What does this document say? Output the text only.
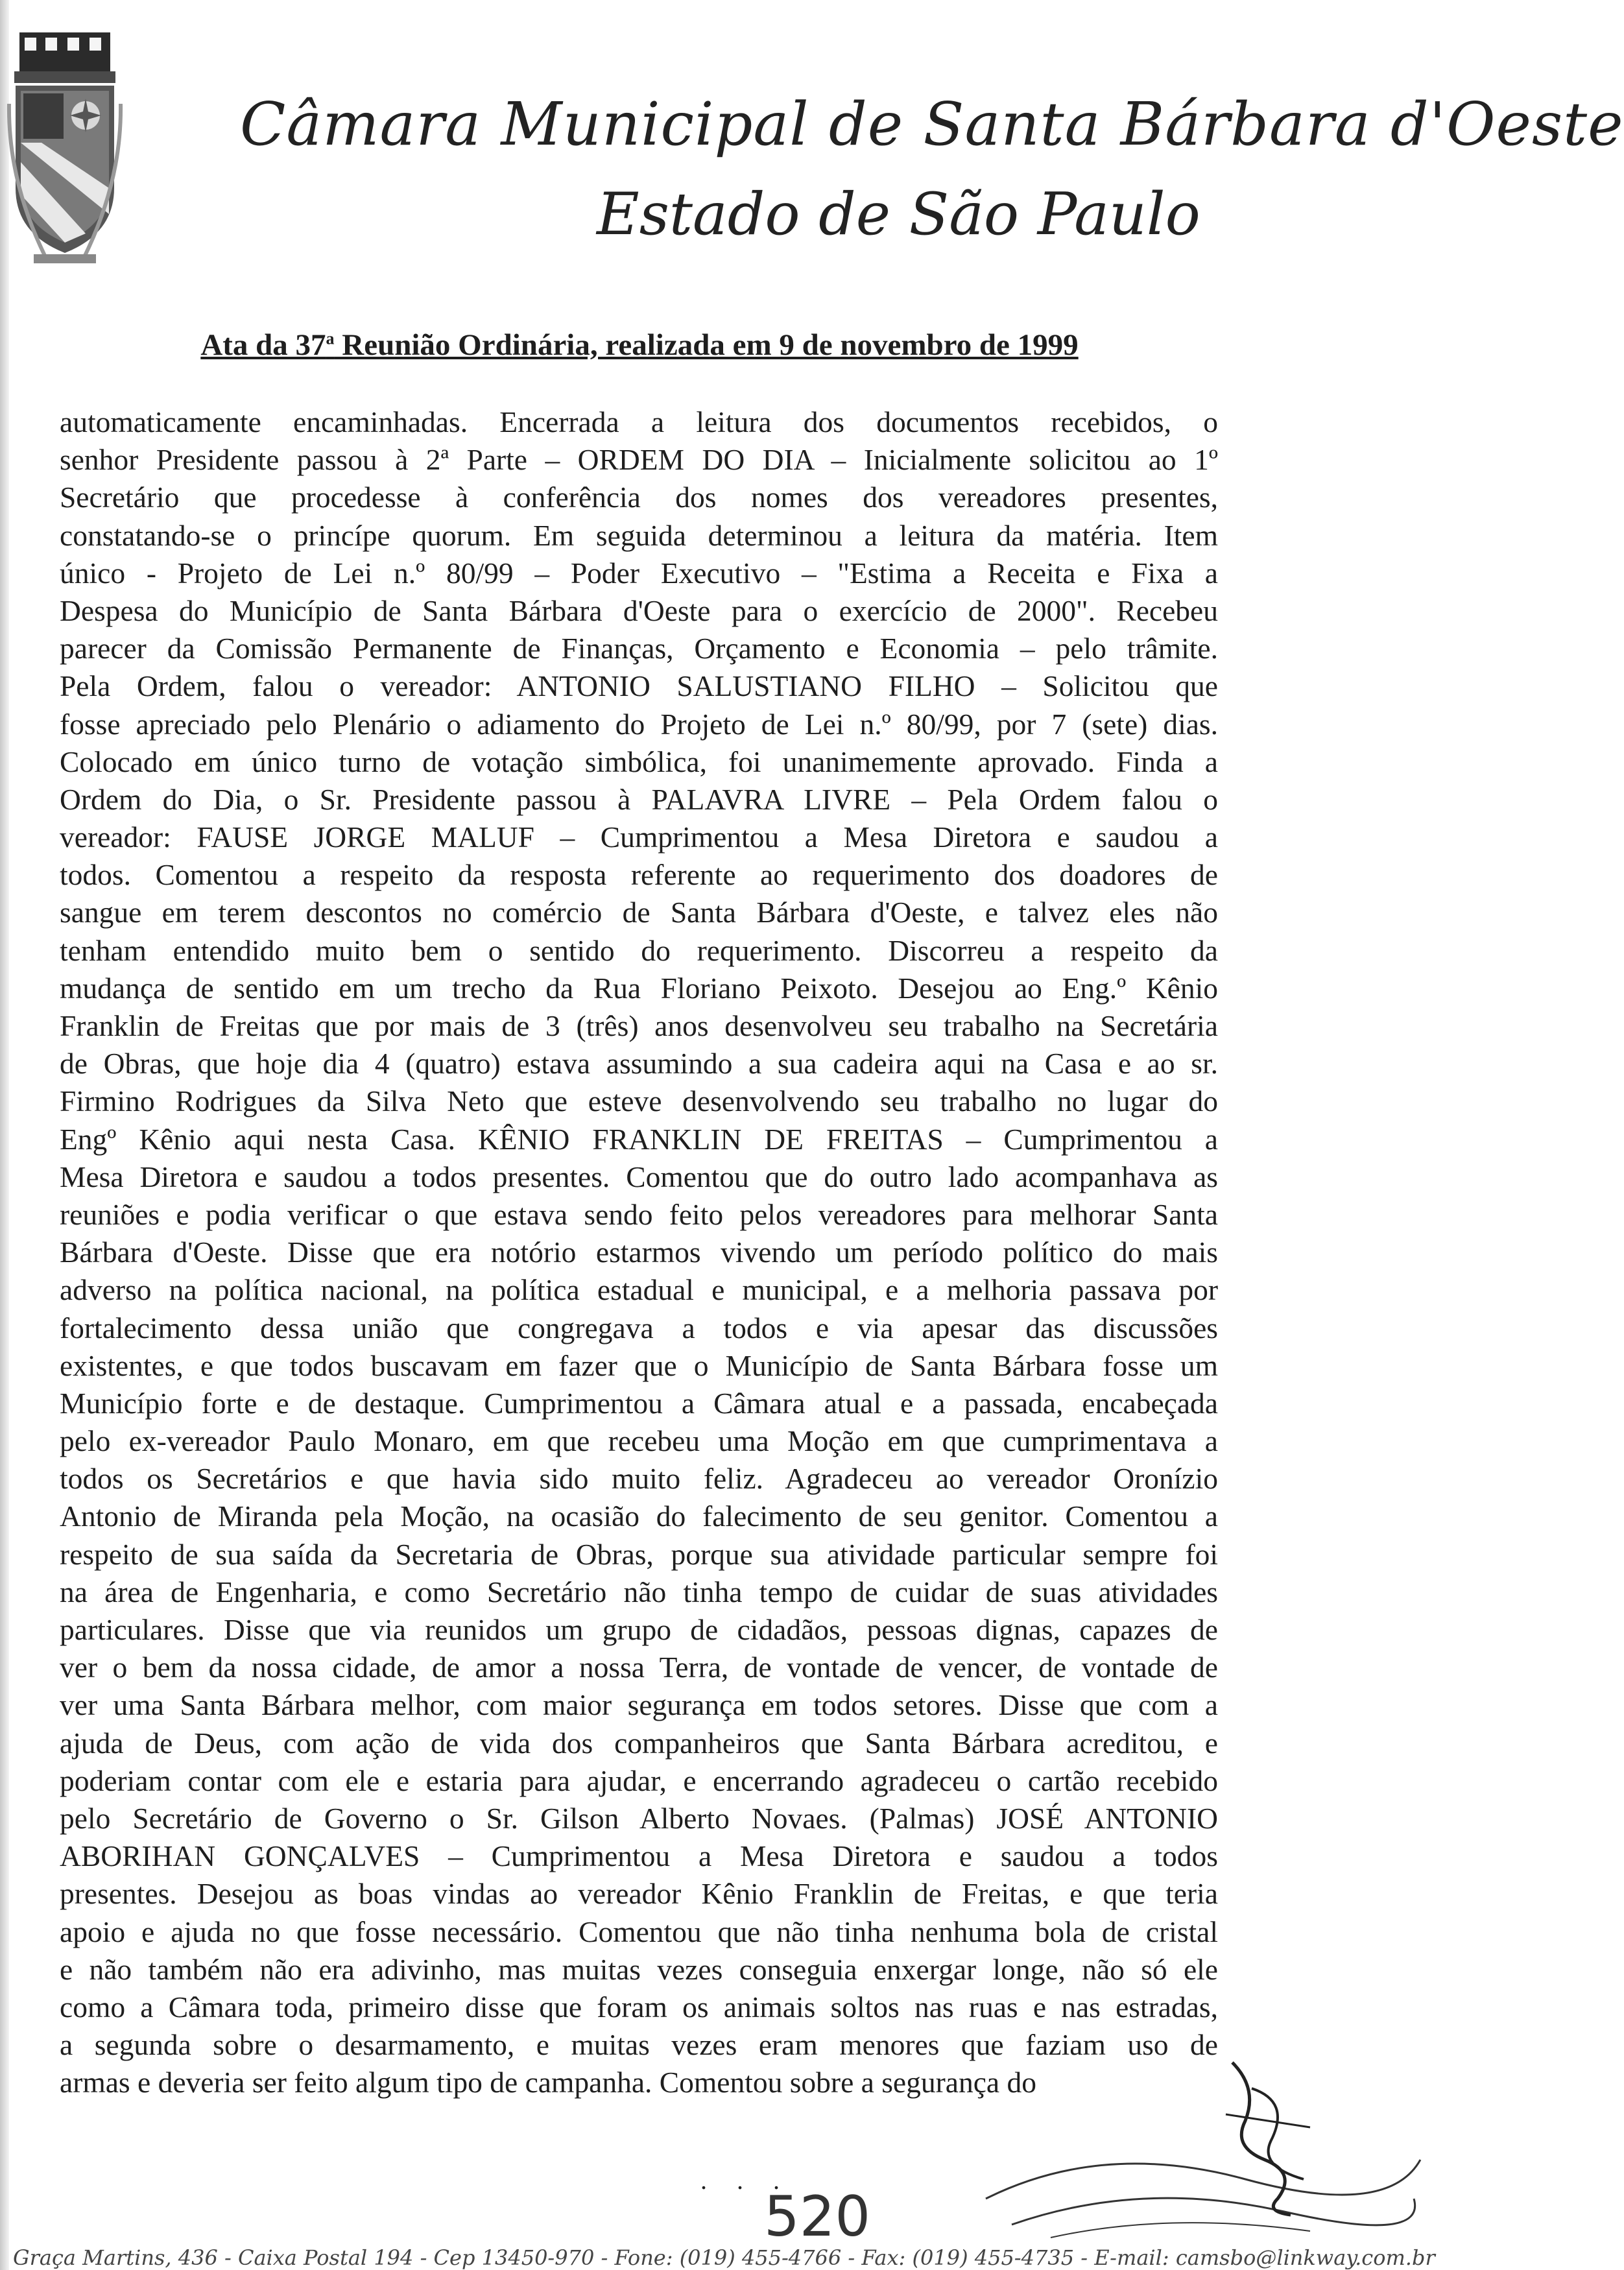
Câmara Municipal de Santa Bárbara d'Oeste
Estado de São Paulo
Ata da 37$^a$ Reunião Ordinária, realizada em 9 de novembro de 1999
automaticamente encaminhadas. Encerrada a leitura dos documentos recebidos, o
senhor Presidente passou à 2ª Parte – ORDEM DO DIA – Inicialmente solicitou ao 1º
Secretário que procedesse à conferência dos nomes dos vereadores presentes,
constatando-se o princípe quorum. Em seguida determinou a leitura da matéria. Item
único - Projeto de Lei n.º 80/99 – Poder Executivo – "Estima a Receita e Fixa a
Despesa do Município de Santa Bárbara d'Oeste para o exercício de 2000". Recebeu
parecer da Comissão Permanente de Finanças, Orçamento e Economia – pelo trâmite.
Pela Ordem, falou o vereador: ANTONIO SALUSTIANO FILHO – Solicitou que
fosse apreciado pelo Plenário o adiamento do Projeto de Lei n.º 80/99, por 7 (sete) dias.
Colocado em único turno de votação simbólica, foi unanimemente aprovado. Finda a
Ordem do Dia, o Sr. Presidente passou à PALAVRA LIVRE – Pela Ordem falou o
vereador: FAUSE JORGE MALUF – Cumprimentou a Mesa Diretora e saudou a
todos. Comentou a respeito da resposta referente ao requerimento dos doadores de
sangue em terem descontos no comércio de Santa Bárbara d'Oeste, e talvez eles não
tenham entendido muito bem o sentido do requerimento. Discorreu a respeito da
mudança de sentido em um trecho da Rua Floriano Peixoto. Desejou ao Eng.º Kênio
Franklin de Freitas que por mais de 3 (três) anos desenvolveu seu trabalho na Secretária
de Obras, que hoje dia 4 (quatro) estava assumindo a sua cadeira aqui na Casa e ao sr.
Firmino Rodrigues da Silva Neto que esteve desenvolvendo seu trabalho no lugar do
Engº Kênio aqui nesta Casa. KÊNIO FRANKLIN DE FREITAS – Cumprimentou a
Mesa Diretora e saudou a todos presentes. Comentou que do outro lado acompanhava as
reuniões e podia verificar o que estava sendo feito pelos vereadores para melhorar Santa
Bárbara d'Oeste. Disse que era notório estarmos vivendo um período político do mais
adverso na política nacional, na política estadual e municipal, e a melhoria passava por
fortalecimento dessa união que congregava a todos e via apesar das discussões
existentes, e que todos buscavam em fazer que o Município de Santa Bárbara fosse um
Município forte e de destaque. Cumprimentou a Câmara atual e a passada, encabeçada
pelo ex-vereador Paulo Monaro, em que recebeu uma Moção em que cumprimentava a
todos os Secretários e que havia sido muito feliz. Agradeceu ao vereador Oronízio
Antonio de Miranda pela Moção, na ocasião do falecimento de seu genitor. Comentou a
respeito de sua saída da Secretaria de Obras, porque sua atividade particular sempre foi
na área de Engenharia, e como Secretário não tinha tempo de cuidar de suas atividades
particulares. Disse que via reunidos um grupo de cidadãos, pessoas dignas, capazes de
ver o bem da nossa cidade, de amor a nossa Terra, de vontade de vencer, de vontade de
ver uma Santa Bárbara melhor, com maior segurança em todos setores. Disse que com a
ajuda de Deus, com ação de vida dos companheiros que Santa Bárbara acreditou, e
poderiam contar com ele e estaria para ajudar, e encerrando agradeceu o cartão recebido
pelo Secretário de Governo o Sr. Gilson Alberto Novaes. (Palmas) JOSÉ ANTONIO
ABORIHAN GONÇALVES – Cumprimentou a Mesa Diretora e saudou a todos
presentes. Desejou as boas vindas ao vereador Kênio Franklin de Freitas, e que teria
apoio e ajuda no que fosse necessário. Comentou que não tinha nenhuma bola de cristal
e não também não era adivinho, mas muitas vezes conseguia enxergar longe, não só ele
como a Câmara toda, primeiro disse que foram os animais soltos nas ruas e nas estradas,
a segunda sobre o desarmamento, e muitas vezes eram menores que faziam uso de
armas e deveria ser feito algum tipo de campanha. Comentou sobre a segurança do
. . .
520
Graça Martins, 436 - Caixa Postal 194 - Cep 13450-970 - Fone: (019) 455-4766 - Fax: (019) 455-4735 - E-mail: camsbo@linkway.com.br
